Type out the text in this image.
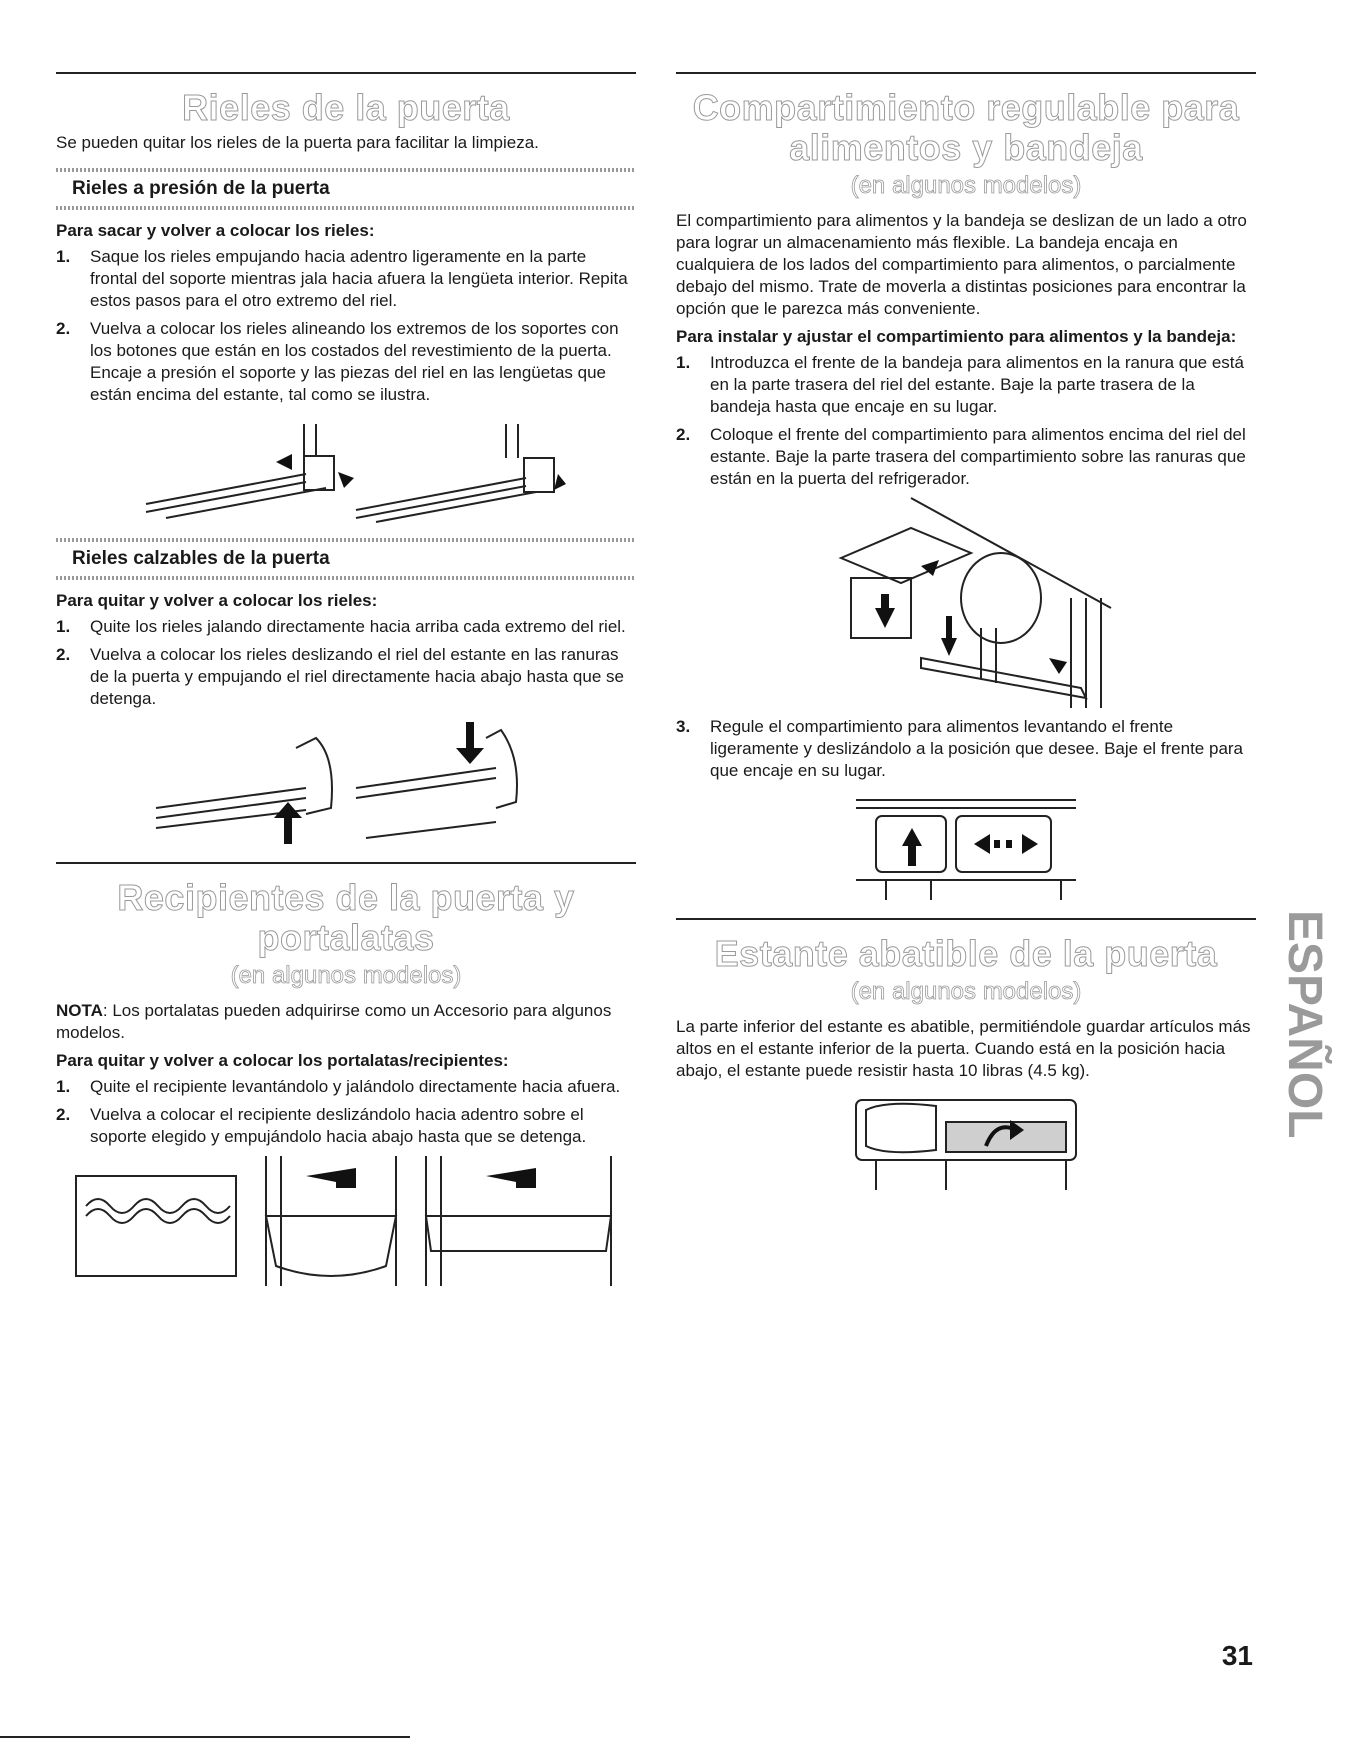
Rieles de la puerta

Se pueden quitar los rieles de la puerta para facilitar la limpieza.

Rieles a presión de la puerta
Para sacar y volver a colocar los rieles:
1. Saque los rieles empujando hacia adentro ligeramente en la parte frontal del soporte mientras jala hacia afuera la lengüeta interior. Repita estos pasos para el otro extremo del riel.
2. Vuelva a colocar los rieles alineando los extremos de los soportes con los botones que están en los costados del revestimiento de la puerta. Encaje a presión el soporte y las piezas del riel en las lengüetas que están encima del estante, tal como se ilustra.
Rieles calzables de la puerta
Para quitar y volver a colocar los rieles:
1. Quite los rieles jalando directamente hacia arriba cada extremo del riel.
2. Vuelva a colocar los rieles deslizando el riel del estante en las ranuras de la puerta y empujando el riel directamente hacia abajo hasta que se detenga.
Recipientes de la puerta y portalatas
(en algunos modelos)

NOTA: Los portalatas pueden adquirirse como un Accesorio para algunos modelos.

Para quitar y volver a colocar los portalatas/recipientes:
1. Quite el recipiente levantándolo y jalándolo directamente hacia afuera.
2. Vuelva a colocar el recipiente deslizándolo hacia adentro sobre el soporte elegido y empujándolo hacia abajo hasta que se detenga.
Compartimiento regulable para
alimentos y bandeja
(en algunos modelos)

El compartimiento para alimentos y la bandeja se deslizan de un lado a otro para lograr un almacenamiento más flexible. La bandeja encaja en cualquiera de los lados del compartimiento para alimentos, o parcialmente debajo del mismo. Trate de moverla a distintas posiciones para encontrar la opción que le parezca más conveniente.

Para instalar y ajustar el compartimiento para alimentos y la bandeja:
1. Introduzca el frente de la bandeja para alimentos en la ranura que está en la parte trasera del riel del estante. Baje la parte trasera de la bandeja hasta que encaje en su lugar.
2. Coloque el frente del compartimiento para alimentos encima del riel del estante. Baje la parte trasera del compartimiento sobre las ranuras que están en la puerta del refrigerador.
3. Regule el compartimiento para alimentos levantando el frente ligeramente y deslizándolo a la posición que desee. Baje el frente para que encaje en su lugar.
Estante abatible de la puerta
(en algunos modelos)

La parte inferior del estante es abatible, permitiéndole guardar artículos más altos en el estante inferior de la puerta. Cuando está en la posición hacia abajo, el estante puede resistir hasta 10 libras (4.5 kg).	ESPAÑOL
31
